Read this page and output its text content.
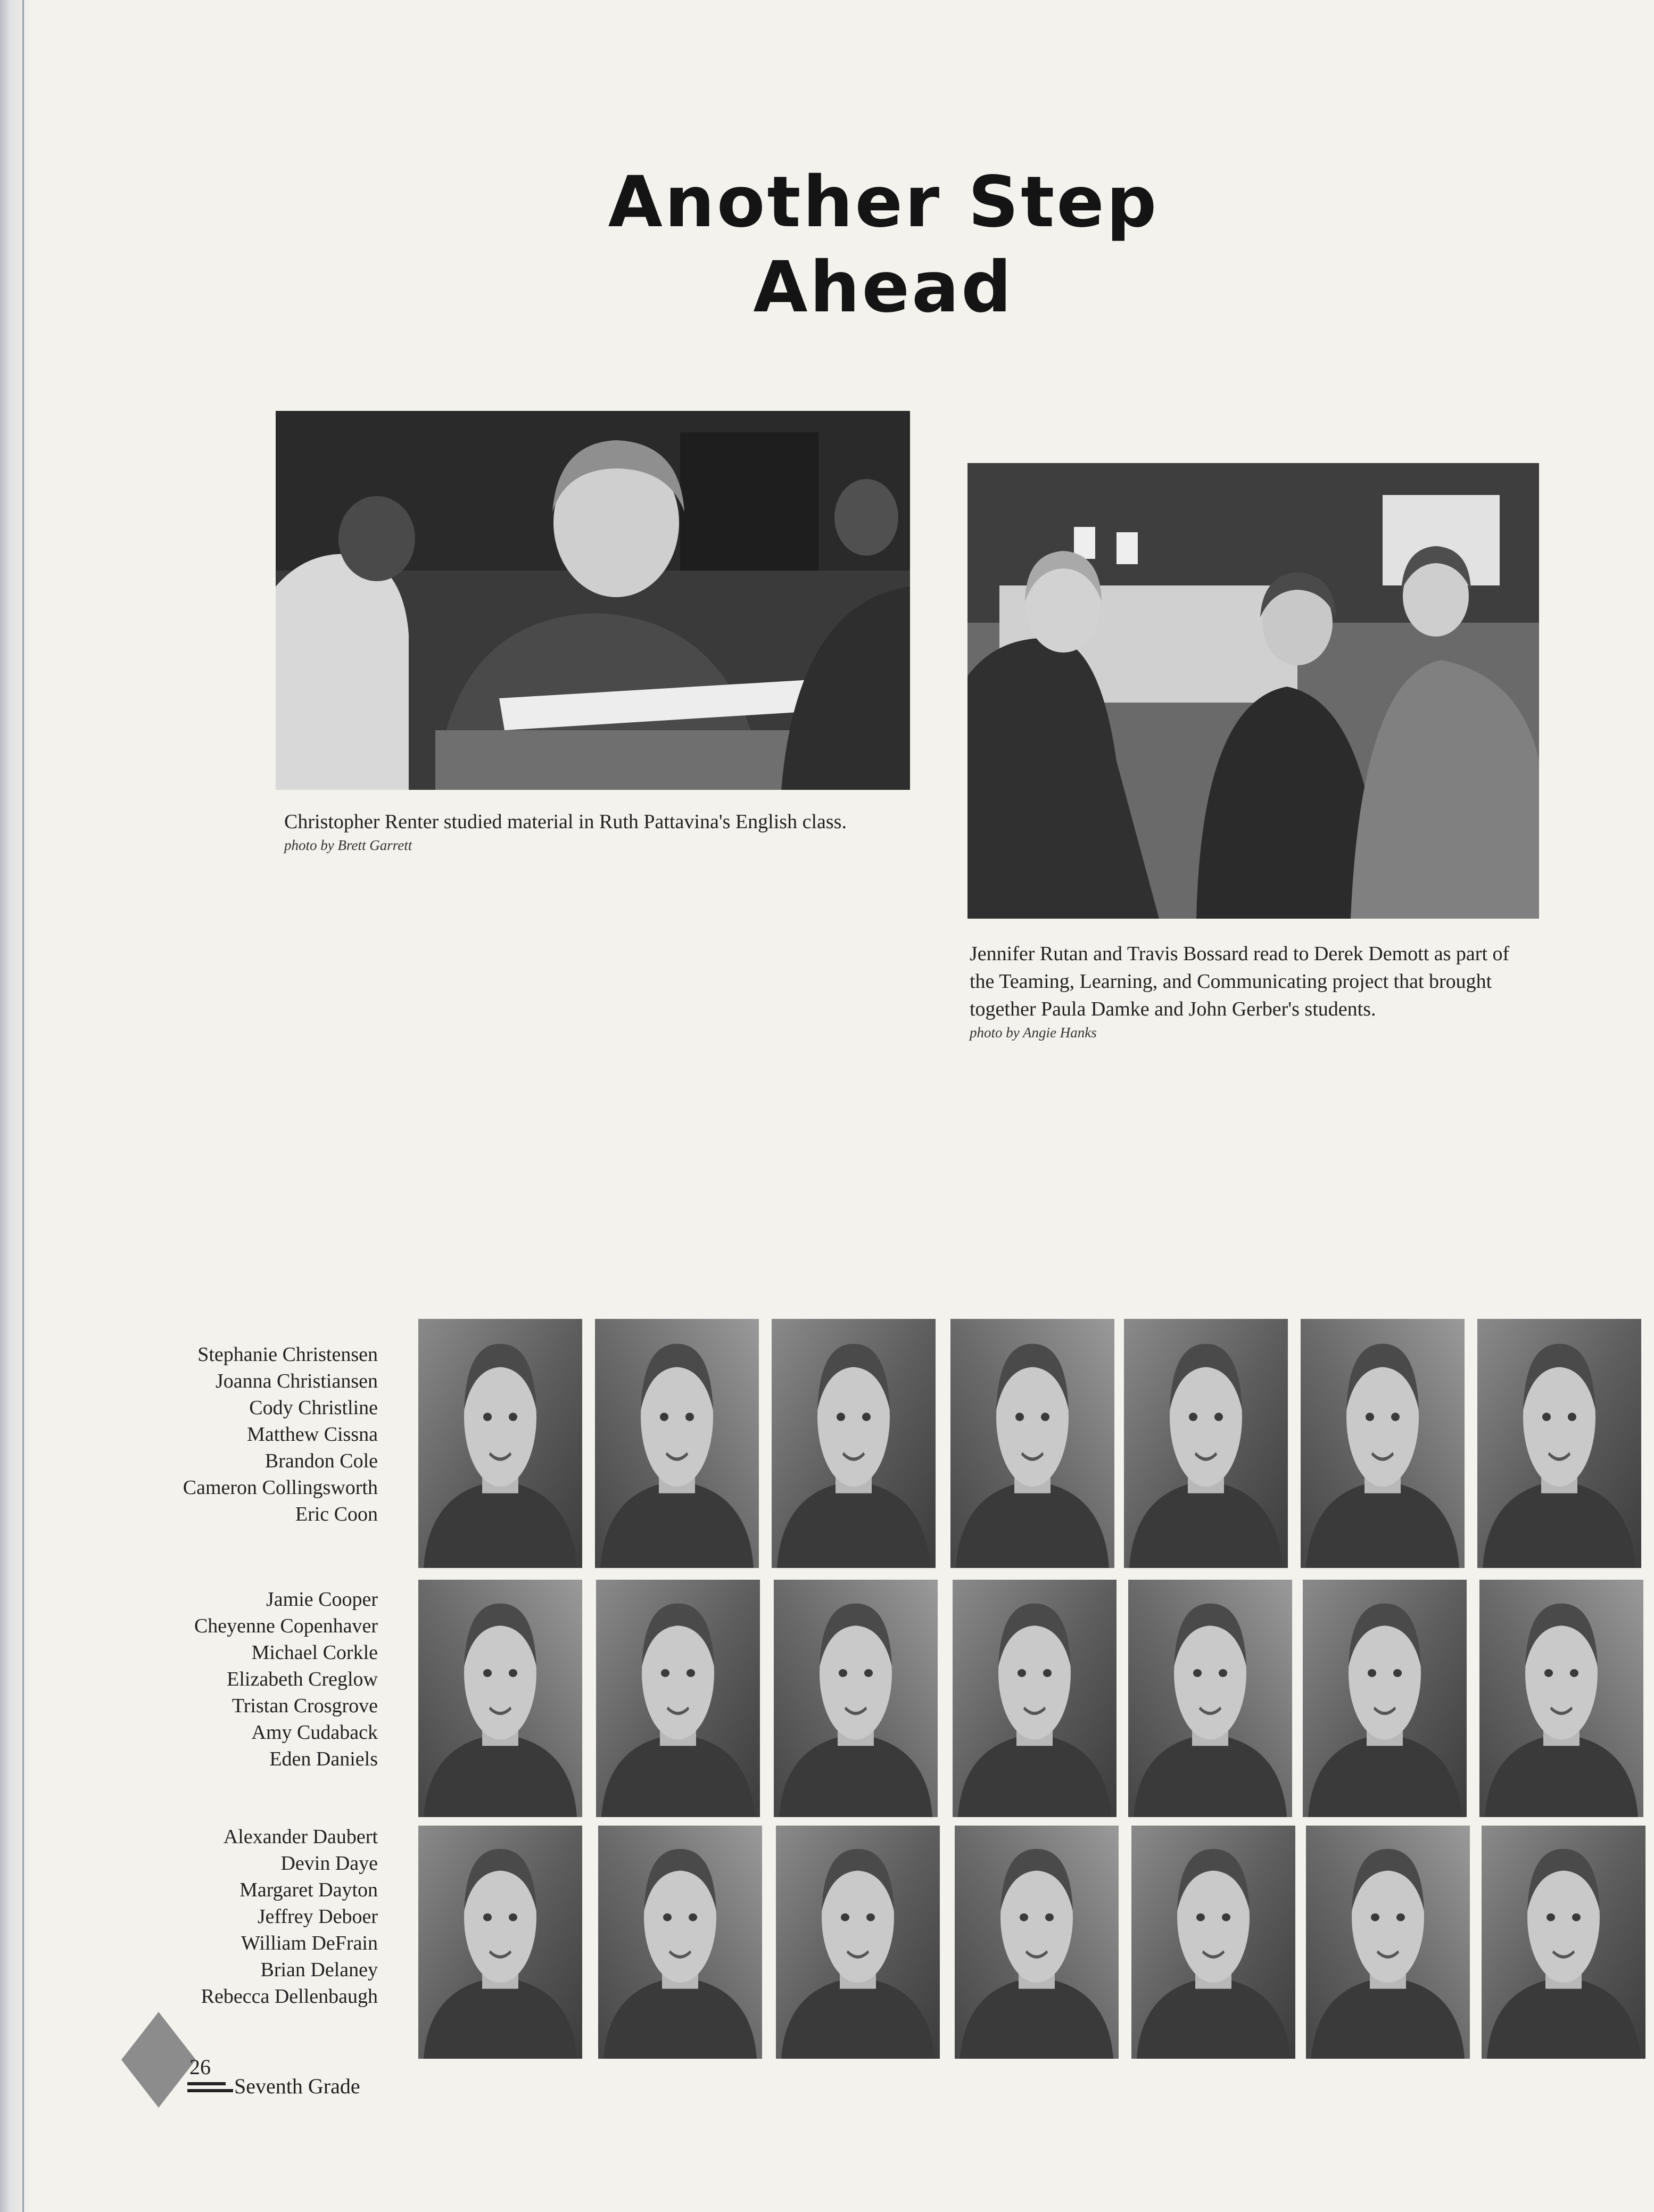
Another Step Ahead
Christopher Renter studied material in Ruth Pattavina's English class.
photo by Brett Garrett
Jennifer Rutan and Travis Bossard read to Derek Demott as part of the Teaming, Learning, and Communicating project that brought together Paula Damke and John Gerber's students.
photo by Angie Hanks
Stephanie Christensen
Joanna Christiansen
Cody Christline
Matthew Cissna
Brandon Cole
Cameron Collingsworth
Eric Coon
Jamie Cooper
Cheyenne Copenhaver
Michael Corkle
Elizabeth Creglow
Tristan Crosgrove
Amy Cudaback
Eden Daniels
Alexander Daubert
Devin Daye
Margaret Dayton
Jeffrey Deboer
William DeFrain
Brian Delaney
Rebecca Dellenbaugh
26
Seventh Grade
